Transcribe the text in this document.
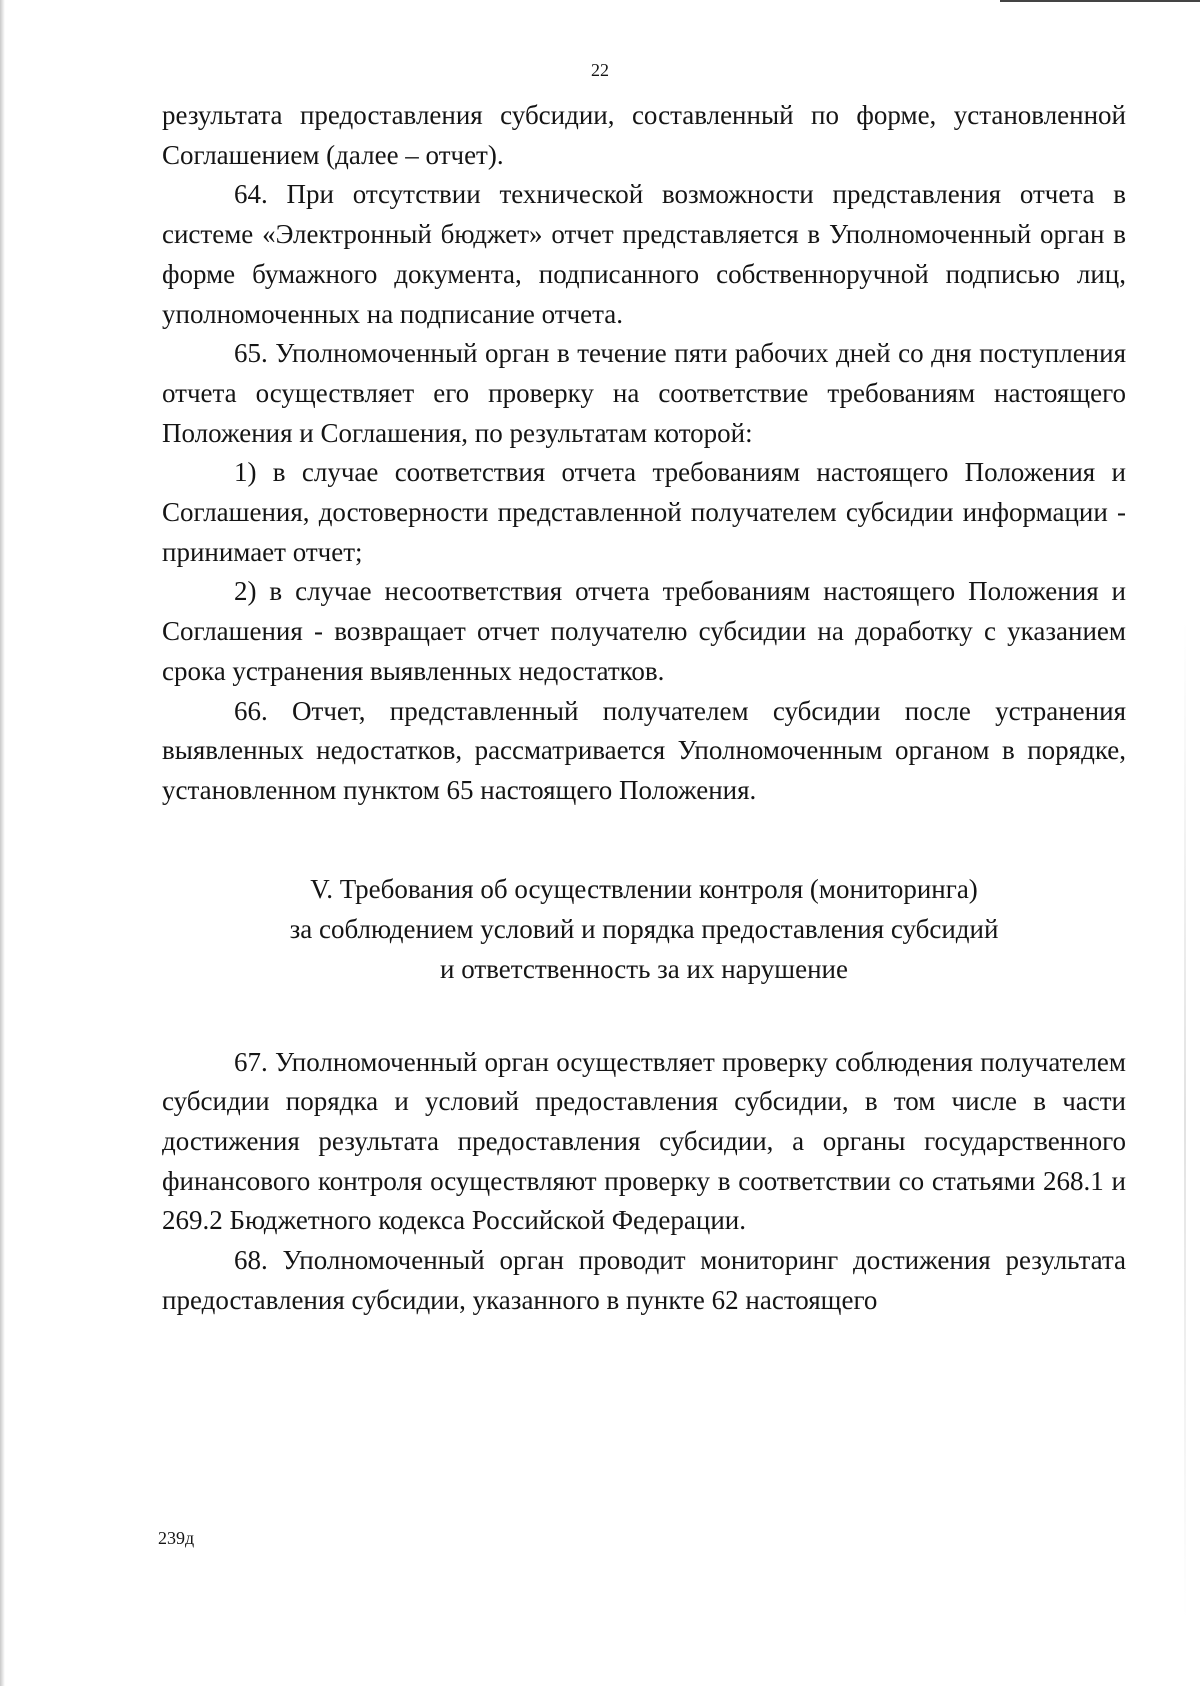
22

результата предоставления субсидии, составленный по форме, установленной Соглашением (далее – отчет).

64. При отсутствии технической возможности представления отчета в системе «Электронный бюджет» отчет представляется в Уполномоченный орган в форме бумажного документа, подписанного собственноручной подписью лиц, уполномоченных на подписание отчета.

65. Уполномоченный орган в течение пяти рабочих дней со дня поступления отчета осуществляет его проверку на соответствие требованиям настоящего Положения и Соглашения, по результатам которой:

1) в случае соответствия отчета требованиям настоящего Положения и Соглашения, достоверности представленной получателем субсидии информации - принимает отчет;

2) в случае несоответствия отчета требованиям настоящего Положения и Соглашения - возвращает отчет получателю субсидии на доработку с указанием срока устранения выявленных недостатков.

66. Отчет, представленный получателем субсидии после устранения выявленных недостатков, рассматривается Уполномоченным органом в порядке, установленном пунктом 65 настоящего Положения.

V. Требования об осуществлении контроля (мониторинга)
за соблюдением условий и порядка предоставления субсидий
и ответственность за их нарушение

67. Уполномоченный орган осуществляет проверку соблюдения получателем субсидии порядка и условий предоставления субсидии, в том числе в части достижения результата предоставления субсидии, а органы государственного финансового контроля осуществляют проверку в соответствии со статьями 268.1 и 269.2 Бюджетного кодекса Российской Федерации.

68. Уполномоченный орган проводит мониторинг достижения результата предоставления субсидии, указанного в пункте 62 настоящего

239д
